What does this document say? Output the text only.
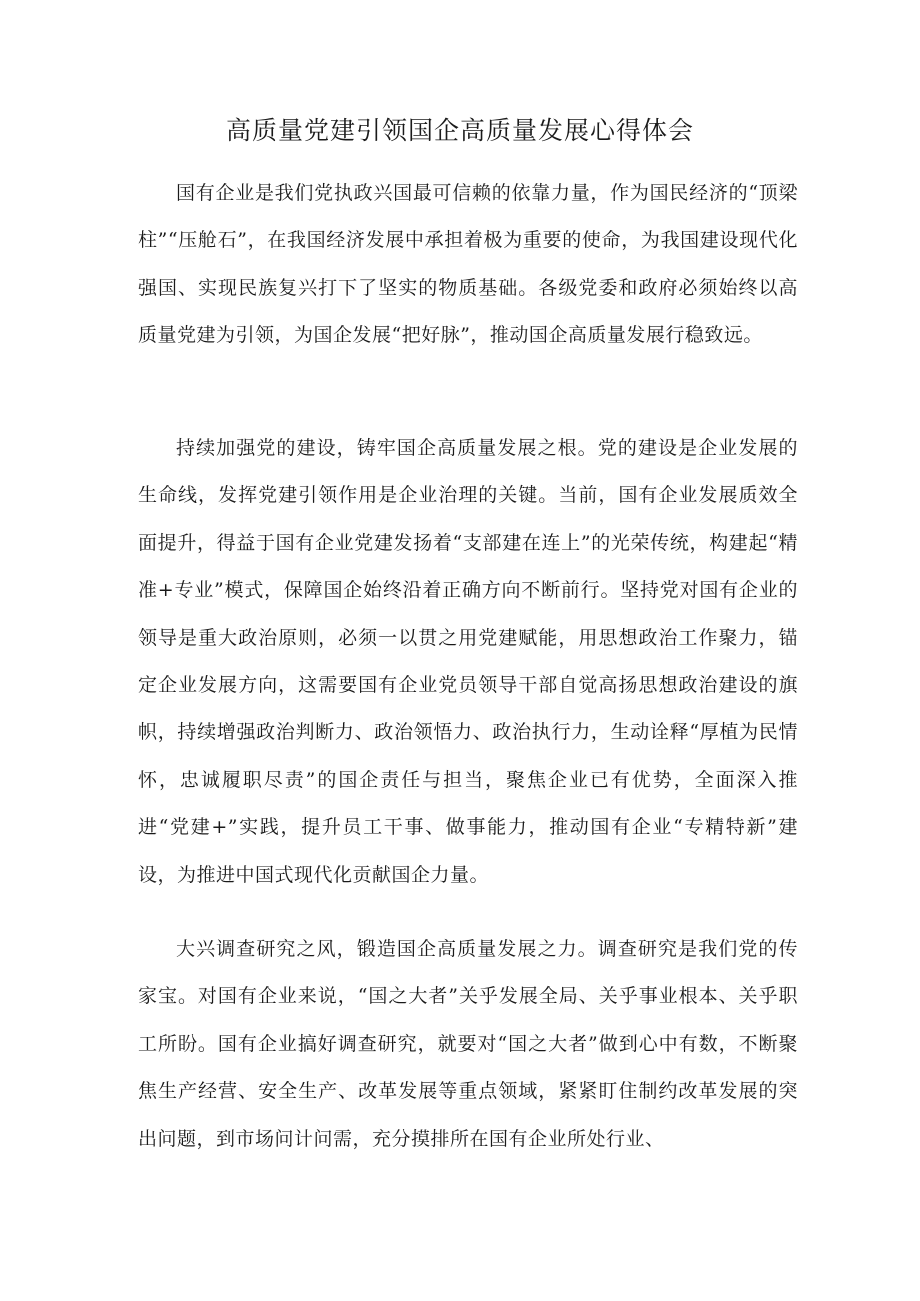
高质量党建引领国企高质量发展心得体会

国有企业是我们党执政兴国最可信赖的依靠力量，作为国民经济的“顶梁柱”“压舱石”，在我国经济发展中承担着极为重要的使命，为我国建设现代化强国、实现民族复兴打下了坚实的物质基础。各级党委和政府必须始终以高质量党建为引领，为国企发展“把好脉”，推动国企高质量发展行稳致远。

持续加强党的建设，铸牢国企高质量发展之根。党的建设是企业发展的生命线，发挥党建引领作用是企业治理的关键。当前，国有企业发展质效全面提升，得益于国有企业党建发扬着“支部建在连上”的光荣传统，构建起“精准+专业”模式，保障国企始终沿着正确方向不断前行。坚持党对国有企业的领导是重大政治原则，必须一以贯之用党建赋能，用思想政治工作聚力，锚定企业发展方向，这需要国有企业党员领导干部自觉高扬思想政治建设的旗帜，持续增强政治判断力、政治领悟力、政治执行力，生动诠释“厚植为民情怀，忠诚履职尽责”的国企责任与担当，聚焦企业已有优势，全面深入推进“党建+”实践，提升员工干事、做事能力，推动国有企业“专精特新”建设，为推进中国式现代化贡献国企力量。

大兴调查研究之风，锻造国企高质量发展之力。调查研究是我们党的传家宝。对国有企业来说，“国之大者”关乎发展全局、关乎事业根本、关乎职工所盼。国有企业搞好调查研究，就要对“国之大者”做到心中有数，不断聚焦生产经营、安全生产、改革发展等重点领域，紧紧盯住制约改革发展的突出问题，到市场问计问需，充分摸排所在国有企业所处行业、
